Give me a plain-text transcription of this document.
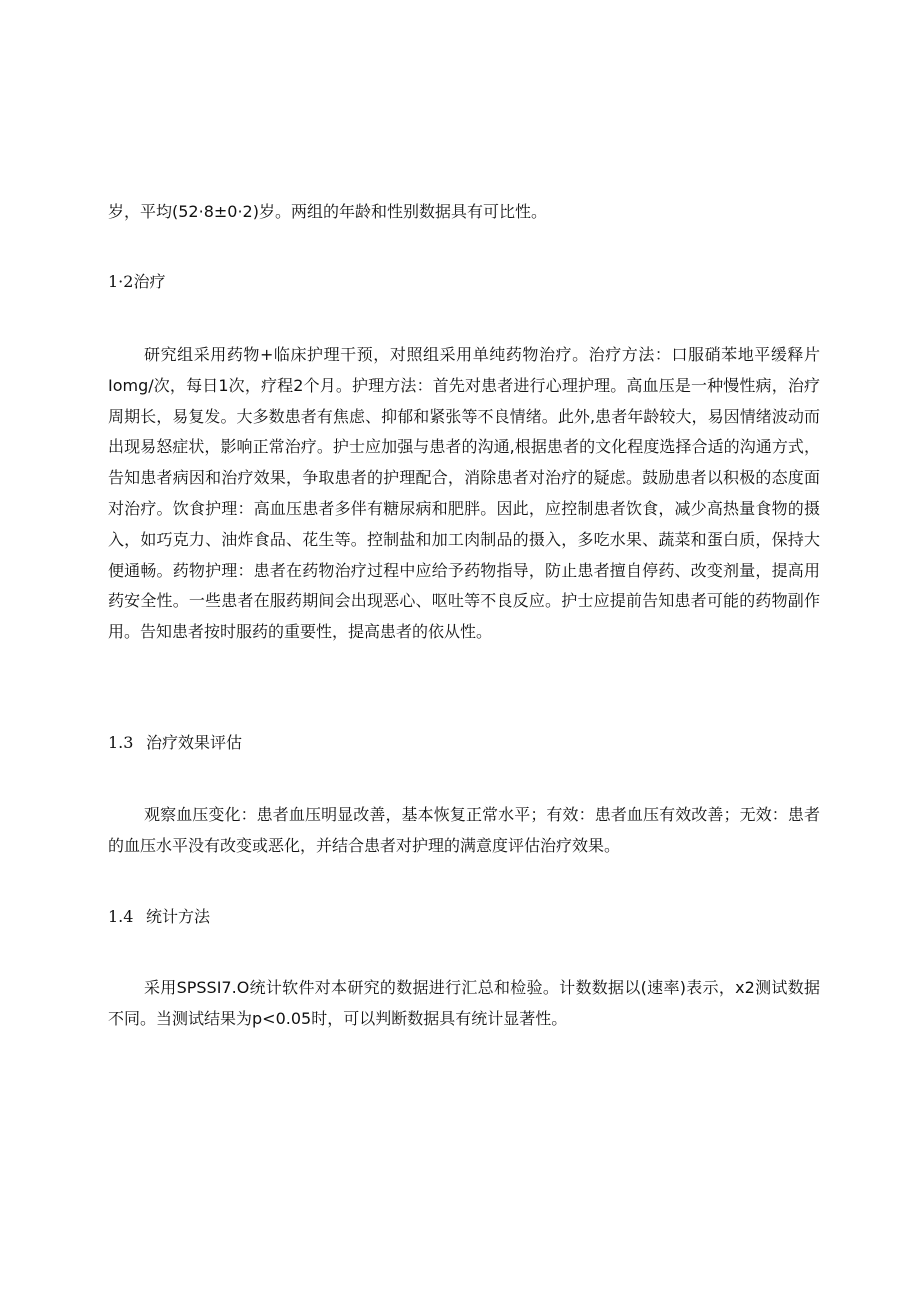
岁，平均(52·8±0·2)岁。两组的年龄和性别数据具有可比性。
1·2治疗

研究组采用药物+临床护理干预，对照组采用单纯药物治疗。治疗方法：口服硝苯地平缓释片Iomg/次，每日1次，疗程2个月。护理方法：首先对患者进行心理护理。高血压是一种慢性病，治疗周期长，易复发。大多数患者有焦虑、抑郁和紧张等不良情绪。此外,患者年龄较大，易因情绪波动而出现易怒症状，影响正常治疗。护士应加强与患者的沟通,根据患者的文化程度选择合适的沟通方式，告知患者病因和治疗效果，争取患者的护理配合，消除患者对治疗的疑虑。鼓励患者以积极的态度面对治疗。饮食护理：高血压患者多伴有糖尿病和肥胖。因此，应控制患者饮食，减少高热量食物的摄入，如巧克力、油炸食品、花生等。控制盐和加工肉制品的摄入，多吃水果、蔬菜和蛋白质，保持大便通畅。药物护理：患者在药物治疗过程中应给予药物指导，防止患者擅自停药、改变剂量，提高用药安全性。一些患者在服药期间会出现恶心、呕吐等不良反应。护士应提前告知患者可能的药物副作用。告知患者按时服药的重要性，提高患者的依从性。

1.3 治疗效果评估

观察血压变化：患者血压明显改善，基本恢复正常水平；有效：患者血压有效改善；无效：患者的血压水平没有改变或恶化，并结合患者对护理的满意度评估治疗效果。

1.4 统计方法

采用SPSSI7.O统计软件对本研究的数据进行汇总和检验。计数数据以(速率)表示，x2测试数据不同。当测试结果为p<0.05时，可以判断数据具有统计显著性。
